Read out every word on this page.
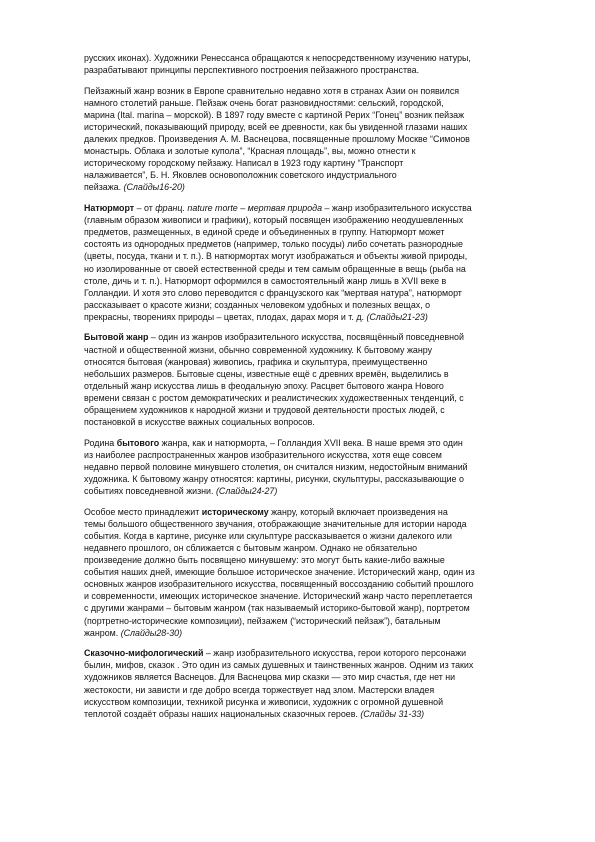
русских иконах). Художники Ренессанса обращаются к непосредственному изучению натуры,
разрабатывают принципы перспективного построения пейзажного пространства.

Пейзажный жанр возник в Европе сравнительно недавно хотя в странах Азии он появился
намного столетий раньше. Пейзаж очень богат разновидностями: сельский, городской,
марина (Ital. marina – морской). В 1897 году вместе с картиной Рерих “Гонец” возник пейзаж
исторический, показывающий природу, всей ее древности, как бы увиденной глазами наших
далеких предков. Произведения А. М. Васнецова, посвященные прошлому Москве “Симонов
монастырь. Облака и золотые купола”, “Красная площадь”, вы, можно отнести к
историческому городскому пейзажу. Написал в 1923 году картину “Транспорт
налаживается”, Б. Н. Яковлев основоположник советского индустриального
пейзажа. (Слайды16-20)

Натюрморт – от франц. nature morte – мертвая природа – жанр изобразительного искусства
(главным образом живописи и графики), который посвящен изображению неодушевленных
предметов, размещенных, в единой среде и объединенных в группу. Натюрморт может
состоять из однородных предметов (например, только посуды) либо сочетать разнородные
(цветы, посуда, ткани и т. п.). В натюрмортах могут изображаться и объекты живой природы,
но изолированные от своей естественной среды и тем самым обращенные в вещь (рыба на
столе, дичь и т. п.). Натюрморт оформился в самостоятельный жанр лишь в XVII веке в
Голландии. И хотя это слово переводится с французского как “мертвая натура”, натюрморт
рассказывает о красоте жизни; созданных человеком удобных и полезных вещах, о
прекрасны, творениях природы – цветах, плодах, дарах моря и т. д. (Слайды21-23)

Бытовой жанр – один из жанров изобразительного искусства, посвящённый повседневной
частной и общественной жизни, обычно современной художнику. К бытовому жанру
относятся бытовая (жанровая) живопись, графика и скульптура, преимущественно
небольших размеров. Бытовые сцены, известные ещё с древних времён, выделились в
отдельный жанр искусства лишь в феодальную эпоху. Расцвет бытового жанра Нового
времени связан с ростом демократических и реалистических художественных тенденций, с
обращением художников к народной жизни и трудовой деятельности простых людей, с
постановкой в искусстве важных социальных вопросов.

Родина бытового жанра, как и натюрморта, – Голландия XVII века. В наше время это один
из наиболее распространенных жанров изобразительного искусства, хотя еще совсем
недавно первой половине минувшего столетия, он считался низким, недостойным вниманий
художника. К бытовому жанру относятся: картины, рисунки, скульптуры, рассказывающие о
событиях повседневной жизни. (Слайды24-27)

Особое место принадлежит историческому жанру, который включает произведения на
темы большого общественного звучания, отображающие значительные для истории народа
события. Когда в картине, рисунке или скульптуре рассказывается о жизни далекого или
недавнего прошлого, он сближается с бытовым жанром. Однако не обязательно
произведение должно быть посвящено минувшему: это могут быть какие-либо важные
события наших дней, имеющие большое историческое значение. Исторический жанр, один из
основных жанров изобразительного искусства, посвященный воссозданию событий прошлого
и современности, имеющих историческое значение. Исторический жанр часто переплетается
с другими жанрами – бытовым жанром (так называемый историко-бытовой жанр), портретом
(портретно-исторические композиции), пейзажем (“исторический пейзаж”), батальным
жанром. (Слайды28-30)

Сказочно-мифологический – жанр изобразительного искусства, герои которого персонажи
былин, мифов, сказок . Это один из самых душевных и таинственных жанров. Одним из таких
художников является Васнецов. Для Васнецова мир сказки — это мир счастья, где нет ни
жестокости, ни зависти и где добро всегда торжествует над злом. Мастерски владея
искусством композиции, техникой рисунка и живописи, художник с огромной душевной
теплотой создаёт образы наших национальных сказочных героев. (Слайды 31-33)
